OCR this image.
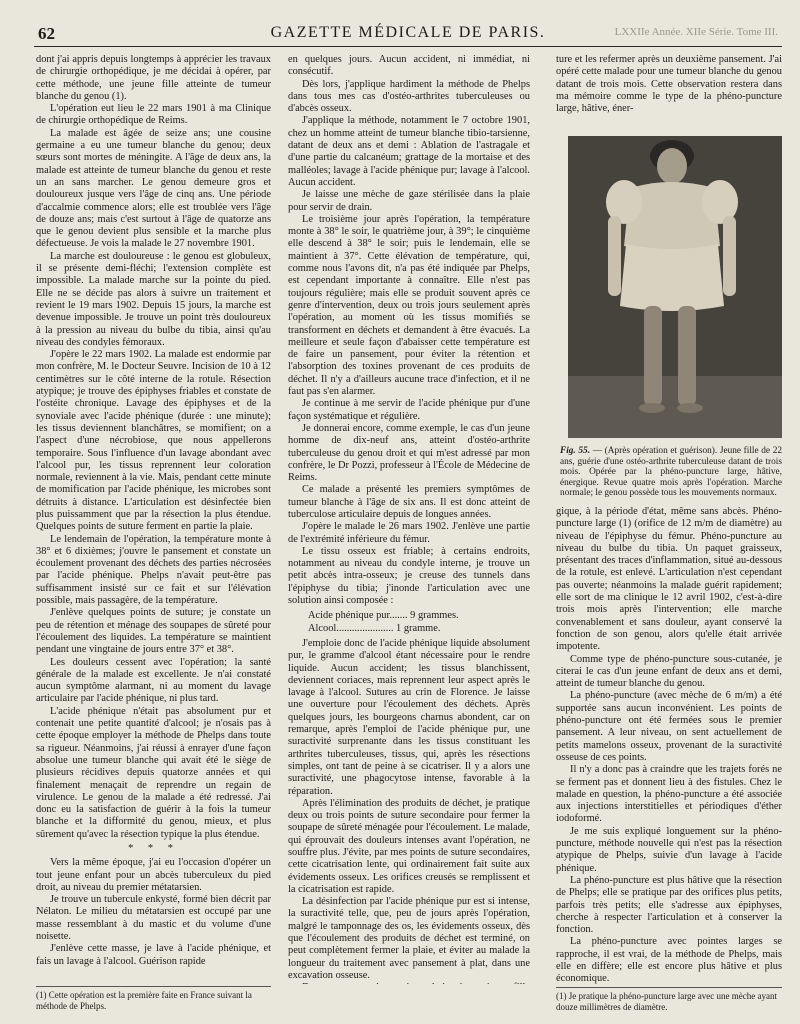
62	GAZETTE MÉDICALE DE PARIS.	LXXIIe Année. XIIe Série. Tome III.

dont j'ai appris depuis longtemps à apprécier les travaux de chirurgie orthopédique, je me décidai à opérer, par cette méthode, une jeune fille atteinte de tumeur blanche du genou (1).

L'opération eut lieu le 22 mars 1901 à ma Clinique de chirurgie orthopédique de Reims.

La malade est âgée de seize ans; une cousine germaine a eu une tumeur blanche du genou; deux sœurs sont mortes de méningite. A l'âge de deux ans, la malade est atteinte de tumeur blanche du genou et reste un an sans marcher. Le genou demeure gros et douloureux jusque vers l'âge de cinq ans. Une période d'accalmie commence alors; elle est troublée vers l'âge de douze ans; mais c'est surtout à l'âge de quatorze ans que le genou devient plus sensible et la marche plus défectueuse. Je vois la malade le 27 novembre 1901.

La marche est douloureuse : le genou est globuleux, il se présente demi-fléchi; l'extension complète est impossible. La malade marche sur la pointe du pied. Elle ne se décide pas alors à suivre un traitement et revient le 19 mars 1902. Depuis 15 jours, la marche est devenue impossible. Je trouve un point très douloureux à la pression au niveau du bulbe du tibia, ainsi qu'au niveau des condyles fémoraux.

J'opère le 22 mars 1902. La malade est endormie par mon confrère, M. le Docteur Seuvre. Incision de 10 à 12 centimètres sur le côté interne de la rotule. Résection atypique; je trouve des épiphyses friables et constate de l'ostéite chronique. Lavage des épiphyses et de la synoviale avec l'acide phénique (durée : une minute); les tissus deviennent blanchâtres, se momifient; on a l'aspect d'une nécrobiose, que nous appellerons temporaire. Sous l'influence d'un lavage abondant avec l'alcool pur, les tissus reprennent leur coloration normale, reviennent à la vie. Mais, pendant cette minute de momification par l'acide phénique, les microbes sont détruits à distance. L'articulation est désinfectée bien plus puissamment que par la résection la plus étendue. Quelques points de suture ferment en partie la plaie.

Le lendemain de l'opération, la température monte à 38° et 6 dixièmes; j'ouvre le pansement et constate un écoulement provenant des déchets des parties nécrosées par l'acide phénique. Phelps n'avait peut-être pas suffisamment insisté sur ce fait et sur l'élévation possible, mais passagère, de la température.

J'enlève quelques points de suture; je constate un peu de rétention et ménage des soupapes de sûreté pour l'écoulement des liquides. La température se maintient pendant une vingtaine de jours entre 37° et 38°.

Les douleurs cessent avec l'opération; la santé générale de la malade est excellente. Je n'ai constaté aucun symptôme alarmant, ni au moment du lavage articulaire par l'acide phénique, ni plus tard.

L'acide phénique n'était pas absolument pur et contenait une petite quantité d'alcool; je n'osais pas à cette époque employer la méthode de Phelps dans toute sa rigueur. Néanmoins, j'ai réussi à enrayer d'une façon absolue une tumeur blanche qui avait été le siège de plusieurs récidives depuis quatorze années et qui finalement menaçait de reprendre un regain de virulence. Le genou de la malade a été redressé. J'ai donc eu la satisfaction de guérir à la fois la tumeur blanche et la difformité du genou, mieux, et plus sûrement qu'avec la résection typique la plus étendue.

* * *

Vers la même époque, j'ai eu l'occasion d'opérer un tout jeune enfant pour un abcès tuberculeux du pied droit, au niveau du premier métatarsien.

Je trouve un tubercule enkysté, formé bien décrit par Nélaton. Le milieu du métatarsien est occupé par une masse ressemblant à du mastic et du volume d'une noisette.

J'enlève cette masse, je lave à l'acide phénique, et fais un lavage à l'alcool. Guérison rapide

(1) Cette opération est la première faite en France suivant la méthode de Phelps.

en quelques jours. Aucun accident, ni immédiat, ni consécutif.

Dès lors, j'applique hardiment la méthode de Phelps dans tous mes cas d'ostéo-arthrites tuberculeuses ou d'abcès osseux.

J'applique la méthode, notamment le 7 octobre 1901, chez un homme atteint de tumeur blanche tibio-tarsienne, datant de deux ans et demi : Ablation de l'astragale et d'une partie du calcanéum; grattage de la mortaise et des malléoles; lavage à l'acide phénique pur; lavage à l'alcool. Aucun accident.

Je laisse une mèche de gaze stérilisée dans la plaie pour servir de drain.

Le troisième jour après l'opération, la température monte à 38° le soir, le quatrième jour, à 39°; le cinquième elle descend à 38° le soir; puis le lendemain, elle se maintient à 37°. Cette élévation de température, qui, comme nous l'avons dit, n'a pas été indiquée par Phelps, est cependant importante à connaître. Elle n'est pas toujours régulière; mais elle se produit souvent après ce genre d'intervention, deux ou trois jours seulement après l'opération, au moment où les tissus momifiés se transforment en déchets et demandent à être évacués. La meilleure et seule façon d'abaisser cette température est de faire un pansement, pour éviter la rétention et l'absorption des toxines provenant de ces produits de déchet. Il n'y a d'ailleurs aucune trace d'infection, et il ne faut pas s'en alarmer.

Je continue à me servir de l'acide phénique pur d'une façon systématique et régulière.

Je donnerai encore, comme exemple, le cas d'un jeune homme de dix-neuf ans, atteint d'ostéo-arthrite tuberculeuse du genou droit et qui m'est adressé par mon confrère, le Dr Pozzi, professeur à l'École de Médecine de Reims.

Ce malade a présenté les premiers symptômes de tumeur blanche à l'âge de six ans. Il est donc atteint de tuberculose articulaire depuis de longues années.

J'opère le malade le 26 mars 1902. J'enlève une partie de l'extrémité inférieure du fémur.

Le tissu osseux est friable; à certains endroits, notamment au niveau du condyle interne, je trouve un petit abcès intra-osseux; je creuse des tunnels dans l'épiphyse du tibia; j'inonde l'articulation avec une solution ainsi composée :

Acide phénique pur....... 9 grammes.
Alcool...................... 1 gramme.

J'emploie donc de l'acide phénique liquide absolument pur, le gramme d'alcool étant nécessaire pour le rendre liquide. Aucun accident; les tissus blanchissent, deviennent coriaces, mais reprennent leur aspect après le lavage à l'alcool. Sutures au crin de Florence. Je laisse une ouverture pour l'écoulement des déchets. Après quelques jours, les bourgeons charnus abondent, car on remarque, après l'emploi de l'acide phénique pur, une suractivité surprenante dans les tissus constituant les arthrites tuberculeuses, tissus, qui, après les résections simples, ont tant de peine à se cicatriser. Il y a alors une suractivité, une phagocytose intense, favorable à la réparation.

Après l'élimination des produits de déchet, je pratique deux ou trois points de suture secondaire pour fermer la soupape de sûreté ménagée pour l'écoulement. Le malade, qui éprouvait des douleurs intenses avant l'opération, ne souffre plus. J'évite, par mes points de suture secondaires, cette cicatrisation lente, qui ordinairement fait suite aux évidements osseux. Les orifices creusés se remplissent et la cicatrisation est rapide.

La désinfection par l'acide phénique pur est si intense, la suractivité telle, que, peu de jours après l'opération, malgré le tamponnage des os, les évidements osseux, dès que l'écoulement des produits de déchet est terminé, on peut complètement fermer la plaie, et éviter au malade la longueur du traitement avec pansement à plat, dans une excavation osseuse.

ture et les refermer après un deuxième pansement. J'ai opéré cette malade pour une tumeur blanche du genou datant de trois mois. Cette observation restera dans ma mémoire comme le type de la phéno-puncture large, hâtive, éner-

Fig. 55. — (Après opération et guérison). Jeune fille de 22 ans, guérie d'une ostéo-arthrite tuberculeuse datant de trois mois. Opérée par la phéno-puncture large, hâtive, énergique. Revue quatre mois après l'opération. Marche normale; le genou possède tous les mouvements normaux.

gique, à la période d'état, même sans abcès. Phéno-puncture large (1) (orifice de 12 m/m de diamètre) au niveau de l'épiphyse du fémur. Phéno-puncture au niveau du bulbe du tibia. Un paquet graisseux, présentant des traces d'inflammation, situé au-dessous de la rotule, est enlevé. L'articulation n'est cependant pas ouverte; néanmoins la malade guérit rapidement; elle sort de ma clinique le 12 avril 1902, c'est-à-dire trois mois après l'intervention; elle marche convenablement et sans douleur, ayant conservé la fonction de son genou, alors qu'elle était arrivée impotente.

Comme type de phéno-puncture sous-cutanée, je citerai le cas d'un jeune enfant de deux ans et demi, atteint de tumeur blanche du genou.

La phéno-puncture (avec mèche de 6 m/m) a été supportée sans aucun inconvénient. Les points de phéno-puncture ont été fermées sous le premier pansement. A leur niveau, on sent actuellement de petits mamelons osseux, provenant de la suractivité osseuse de ces points.

Il n'y a donc pas à craindre que les trajets forés ne se ferment pas et donnent lieu à des fistules. Chez le malade en question, la phéno-puncture a été associée aux injections interstitielles et périodiques d'éther iodoformé.

Je me suis expliqué longuement sur la phéno-puncture, méthode nouvelle qui n'est pas la résection atypique de Phelps, suivie d'un lavage à l'acide phénique.

La phéno-puncture est plus hâtive que la résection de Phelps; elle se pratique par des orifices plus petits, parfois très petits; elle s'adresse aux épiphyses, cherche à respecter l'articulation et à conserver la fonction.

La phéno-puncture avec pointes larges se rapproche, il est vrai, de la méthode de Phelps, mais elle en diffère; elle est encore plus hâtive et plus économique.

(1) Je pratique la phéno-puncture large avec une mèche ayant douze millimètres de diamètre.
